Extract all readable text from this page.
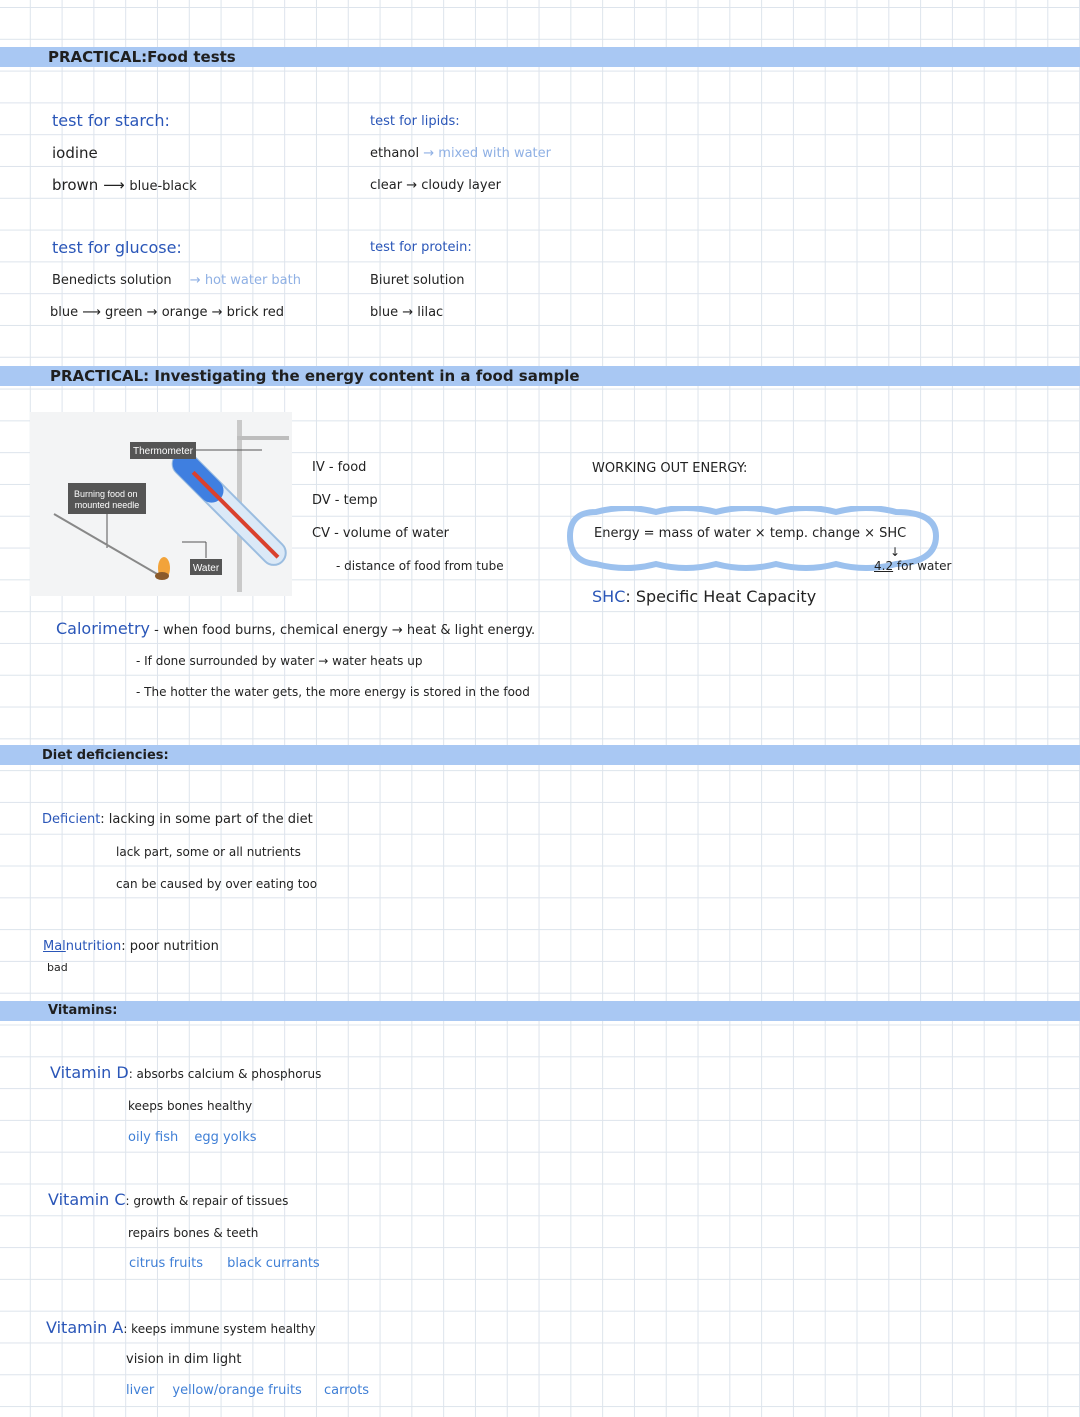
PRACTICAL:Food tests
test for starch:
iodine
brown ⟶ blue-black
test for lipids:
ethanol → mixed with water
clear → cloudy layer
test for glucose:
Benedicts solution → hot water bath
blue ⟶ green → orange → brick red
test for protein:
Biuret solution
blue → lilac
PRACTICAL: Investigating the energy content in a food sample
Thermometer
Burning food on mounted needle
Water
IV - food
DV - temp
CV - volume of water
- distance of food from tube
WORKING OUT ENERGY:
Energy = mass of water × temp. change × SHC
↓
4.2 for water
SHC: Specific Heat Capacity
Calorimetry - when food burns, chemical energy → heat & light energy.
- If done surrounded by water → water heats up
- The hotter the water gets, the more energy is stored in the food
Diet deficiencies:
Deficient: lacking in some part of the diet
lack part, some or all nutrients
can be caused by over eating too
Malnutrition: poor nutrition
bad
Vitamins:
Vitamin D: absorbs calcium & phosphorus
keeps bones healthy
oily fish egg yolks
Vitamin C: growth & repair of tissues
repairs bones & teeth
citrus fruits black currants
Vitamin A: keeps immune system healthy
vision in dim light
liver yellow/orange fruits carrots
